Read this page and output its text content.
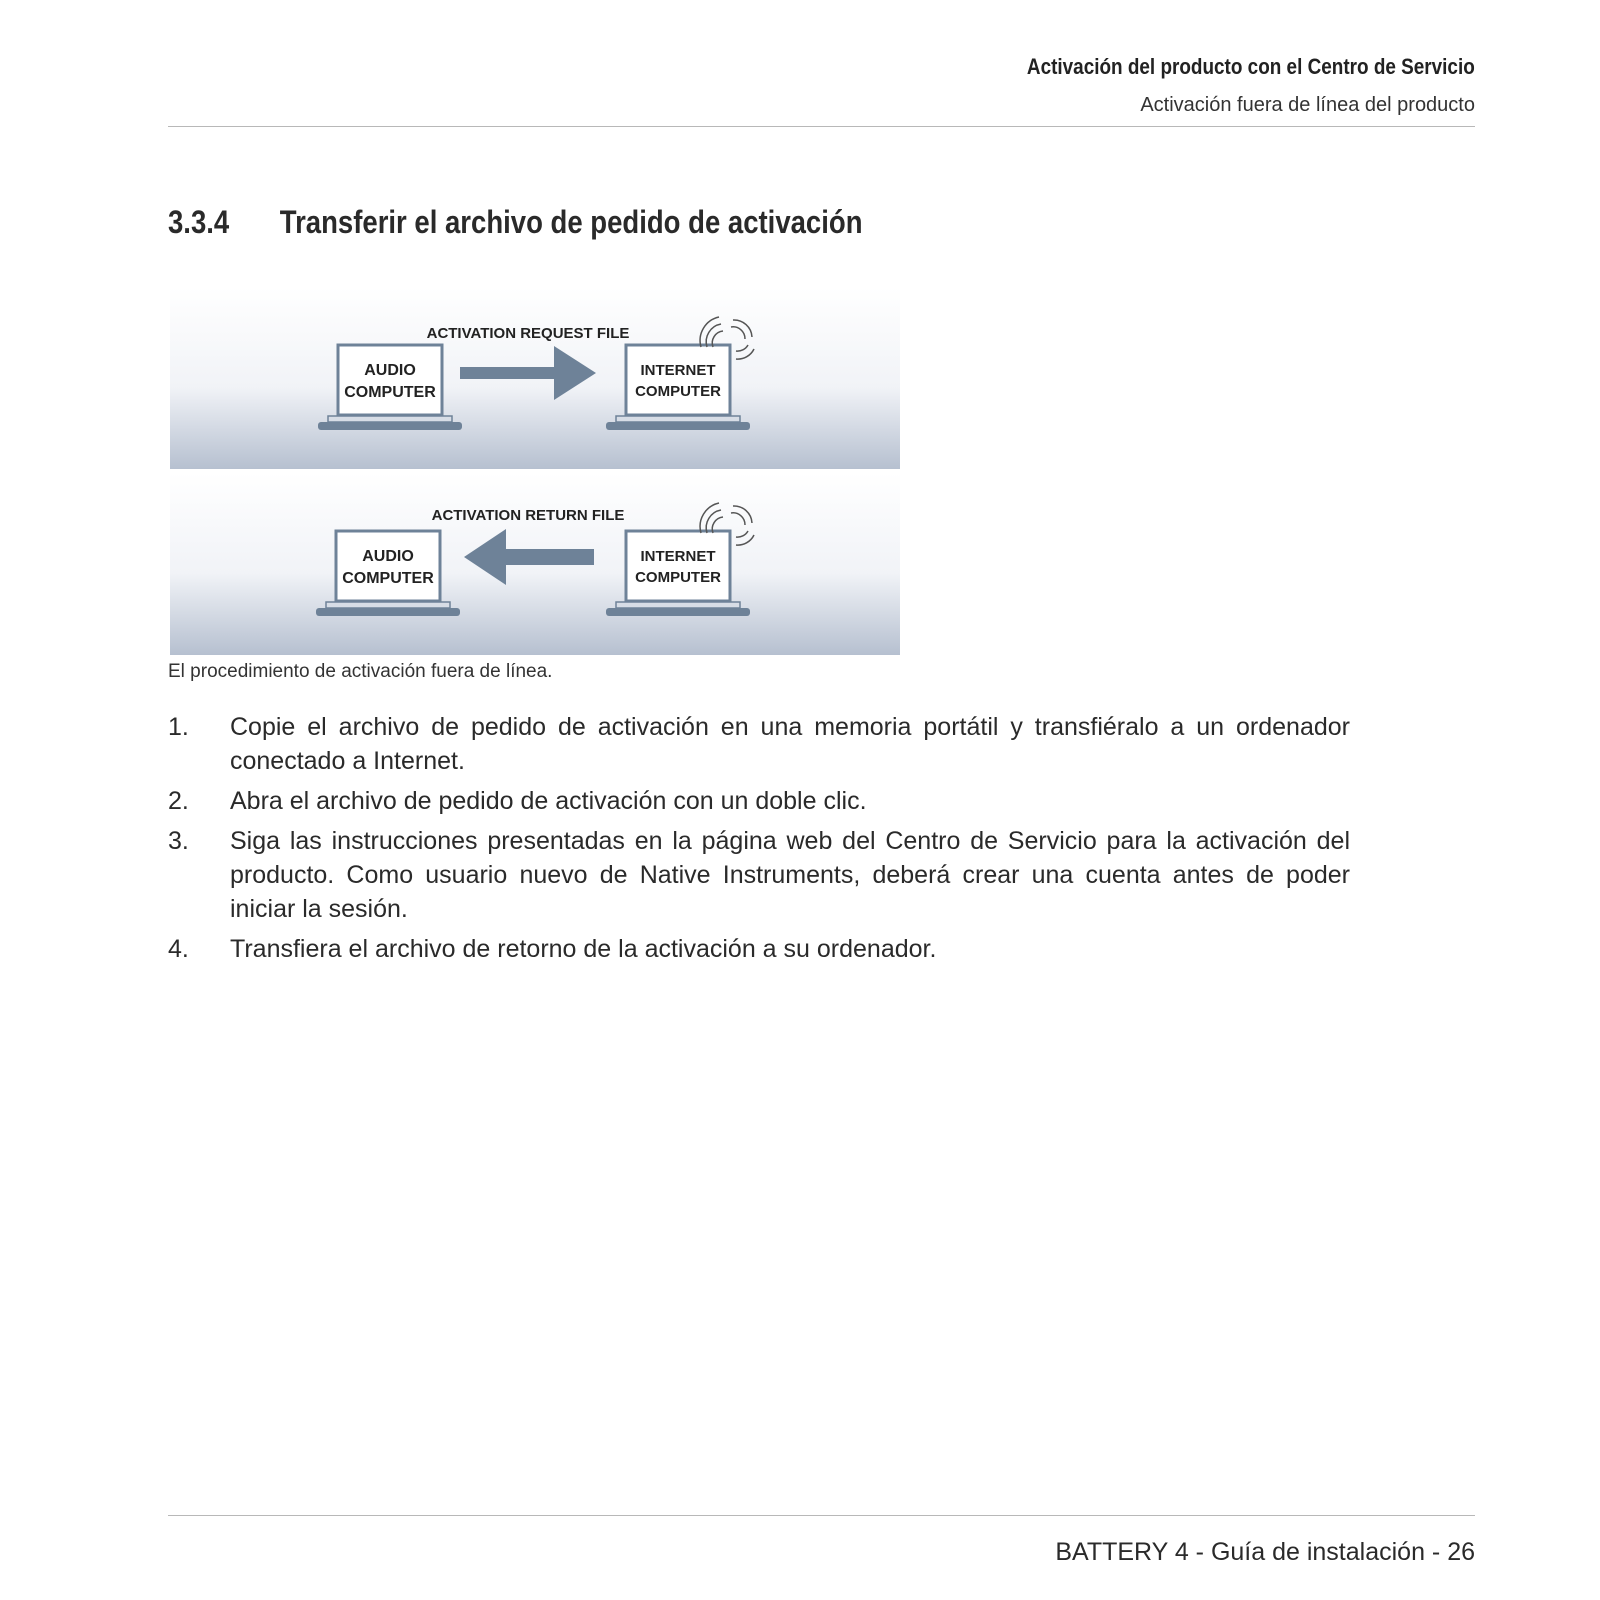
Activación del producto con el Centro de Servicio
Activación fuera de línea del producto
3.3.4 Transferir el archivo de pedido de activación
ACTIVATION REQUEST FILE
AUDIO
COMPUTER
INTERNET
COMPUTER
ACTIVATION RETURN FILE
AUDIO
COMPUTER
INTERNET
COMPUTER
El procedimiento de activación fuera de línea.
1. Copie el archivo de pedido de activación en una memoria portátil y transfiéralo a un ordenador conectado a Internet.
2. Abra el archivo de pedido de activación con un doble clic.
3. Siga las instrucciones presentadas en la página web del Centro de Servicio para la activación del producto. Como usuario nuevo de Native Instruments, deberá crear una cuenta antes de poder iniciar la sesión.
4. Transfiera el archivo de retorno de la activación a su ordenador.
BATTERY 4 - Guía de instalación - 26
